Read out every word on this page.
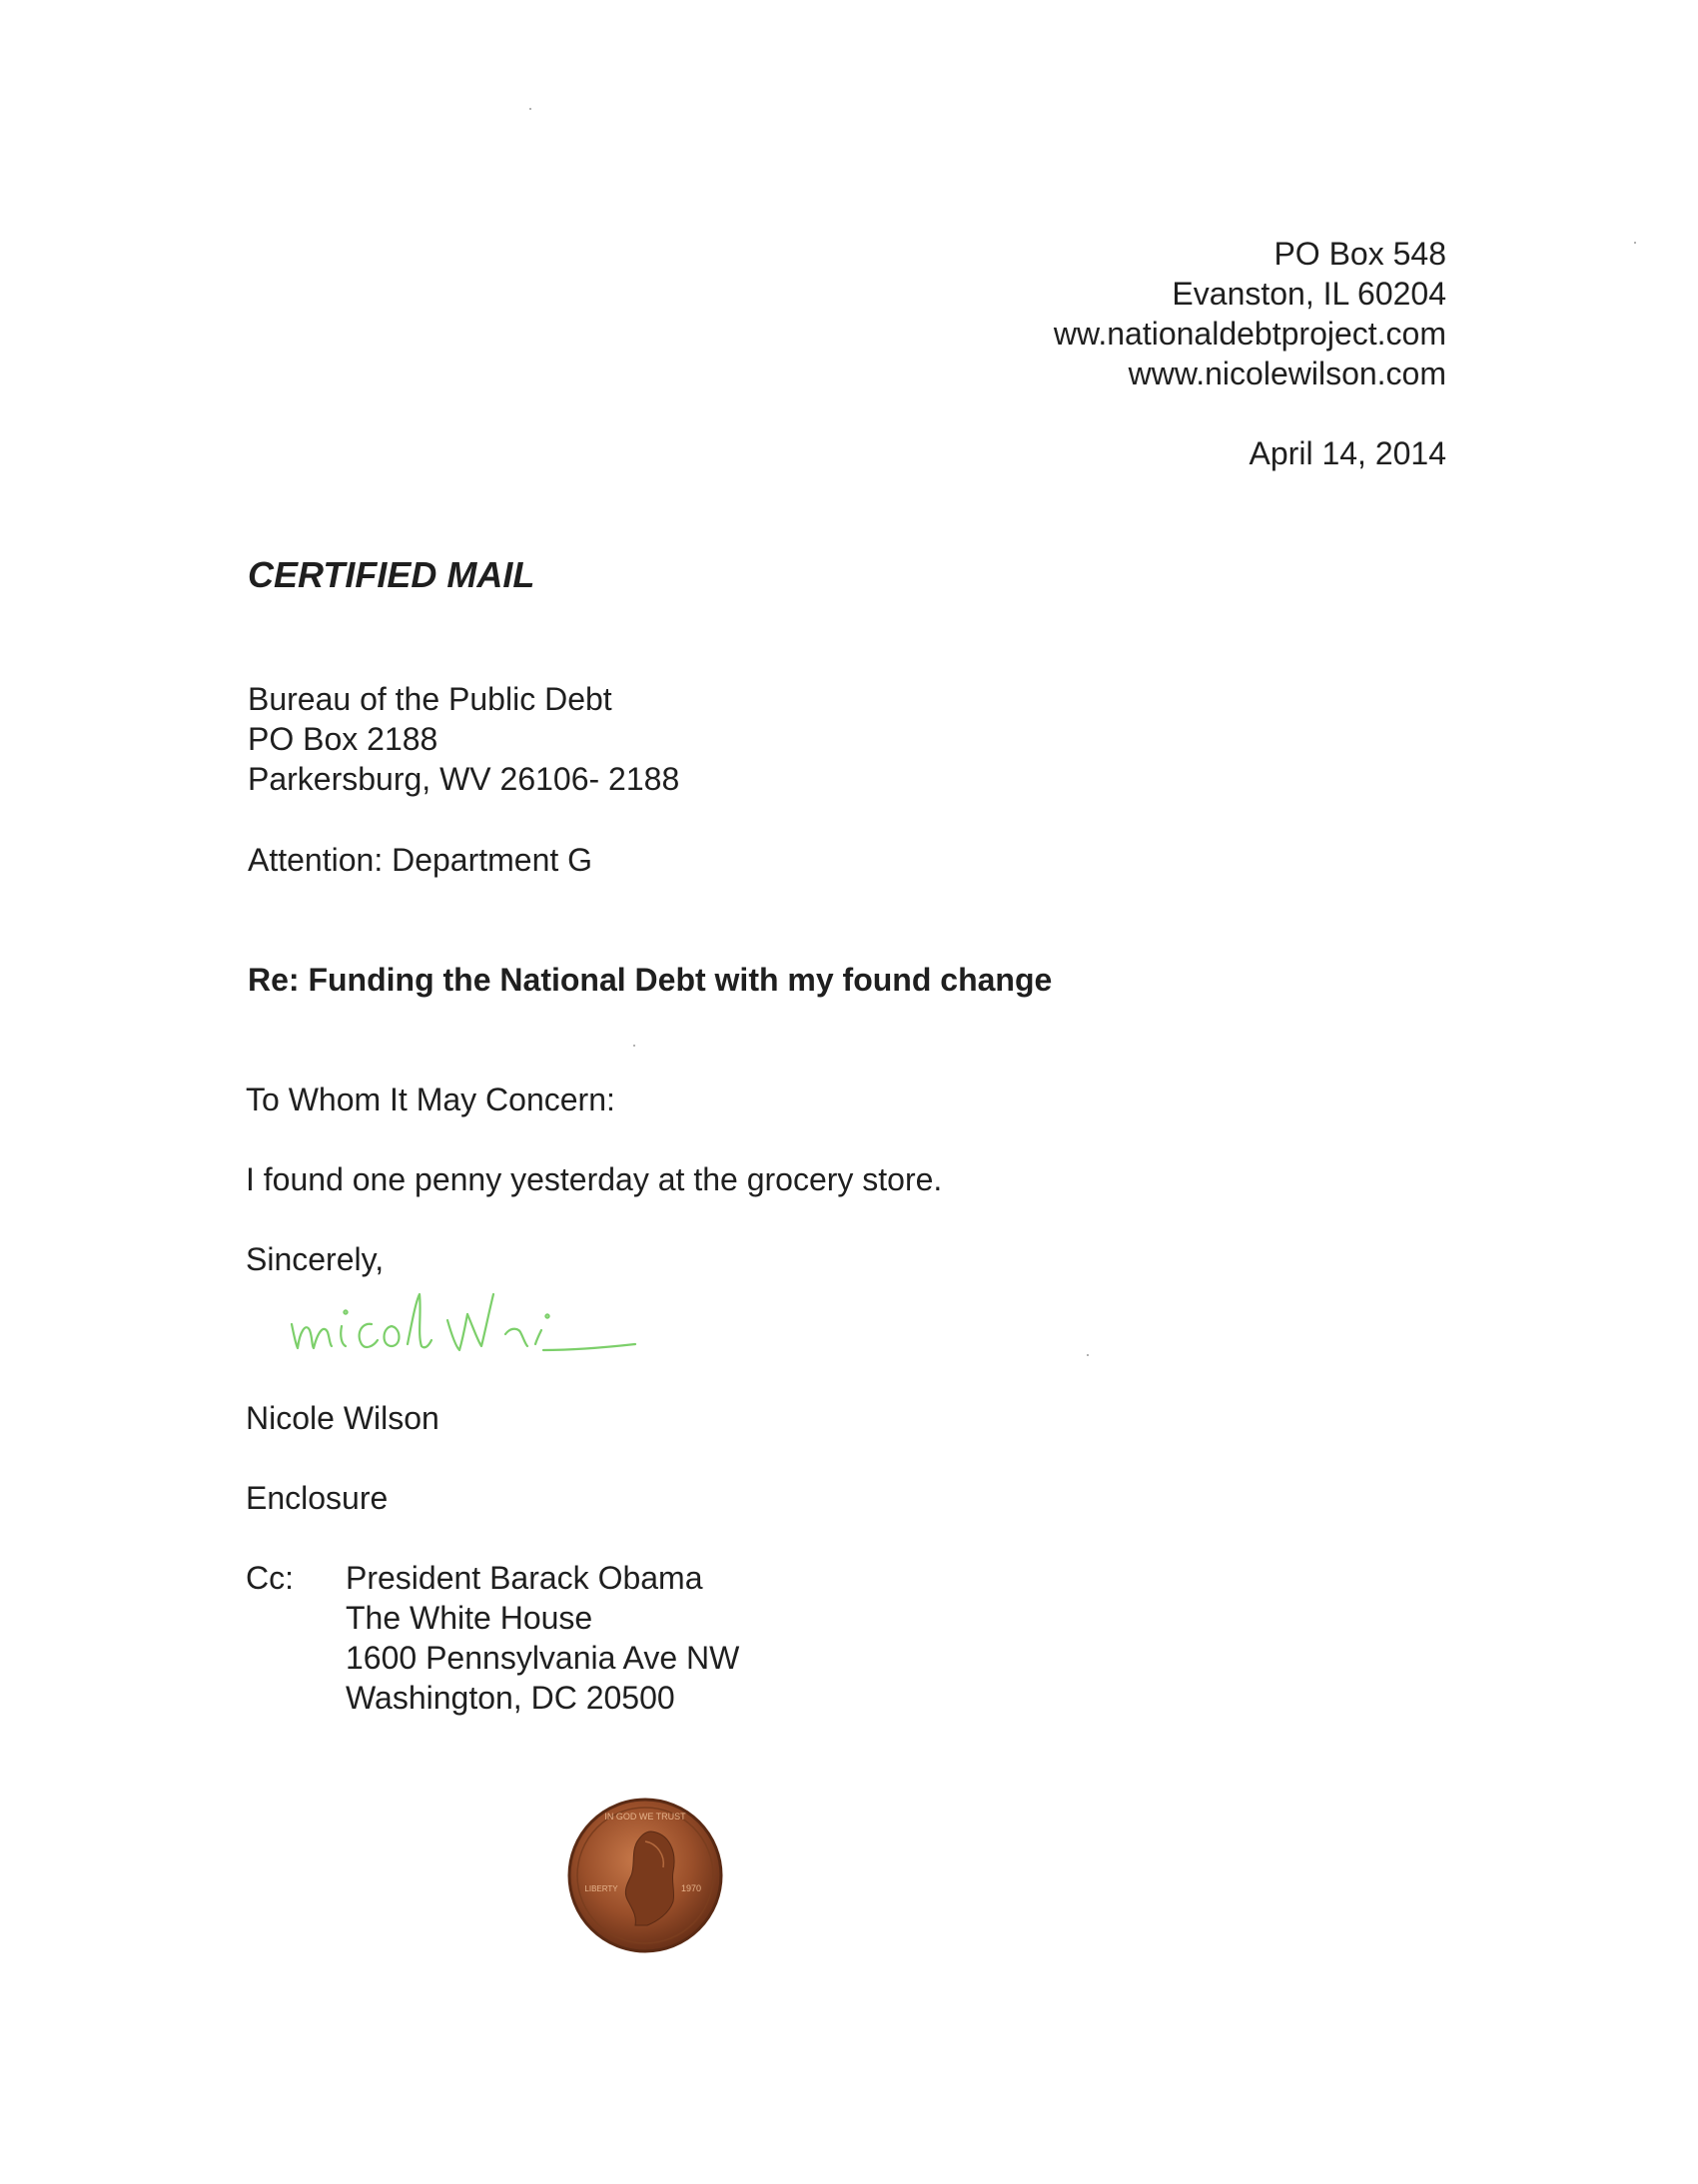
PO Box 548
Evanston, IL 60204
ww.nationaldebtproject.com
www.nicolewilson.com
April 14, 2014
CERTIFIED MAIL
Bureau of the Public Debt
PO Box 2188
Parkersburg, WV 26106- 2188
Attention: Department G
Re: Funding the National Debt with my found change
To Whom It May Concern:
I found one penny yesterday at the grocery store.
Sincerely,
Nicole Wilson
Enclosure
Cc: President Barack Obama
The White House
1600 Pennsylvania Ave NW
Washington, DC 20500
IN GOD WE TRUST
LIBERTY	1970
